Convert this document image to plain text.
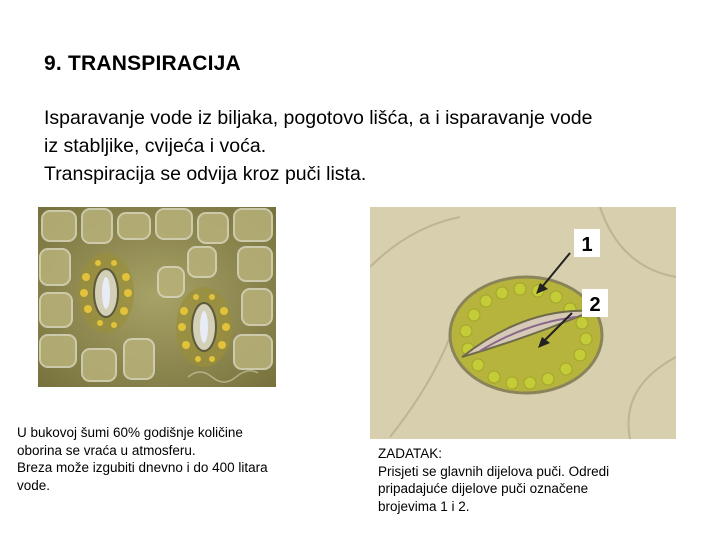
9. TRANSPIRACIJA

Isparavanje vode iz biljaka, pogotovo lišća, a i isparavanje vode

iz stabljike, cvijeća i voća.

Transpiracija se odvija kroz puči lista.

1
2

U bukovoj šumi 60% godišnje količine

oborina se vraća u atmosferu.

Breza može izgubiti dnevno i do 400 litara

vode.

ZADATAK:

Prisjeti se glavnih dijelova puči. Odredi

pripadajuće dijelove puči označene

brojevima 1 i 2.
